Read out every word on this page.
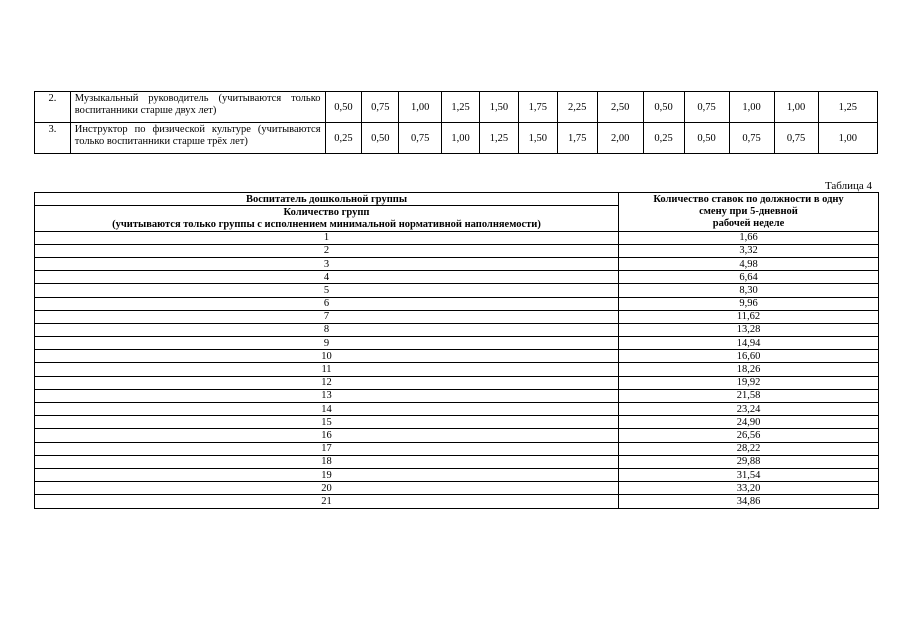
2.	Музыкальный руководитель (учитываются только воспитанники старше двух лет)	0,50	0,75	1,00	1,25	1,50	1,75	2,25	2,50	0,50	0,75	1,00	1,00	1,25
3.	Инструктор по физической культуре (учитываются только воспитанники старше трёх лет)	0,25	0,50	0,75	1,00	1,25	1,50	1,75	2,00	0,25	0,50	0,75	0,75	1,00
Таблица 4
Воспитатель дошкольной группы	Количество ставок по должности в одну
смену при 5-дневной
рабочей неделе

Количество групп	
(учитываются только группы с исполнением минимальной нормативной наполняемости)	
1	1,66
2	3,32
3	4,98
4	6,64
5	8,30
6	9,96
7	11,62
8	13,28
9	14,94
10	16,60
11	18,26
12	19,92
13	21,58
14	23,24
15	24,90
16	26,56
17	28,22
18	29,88
19	31,54
20	33,20
21	34,86
